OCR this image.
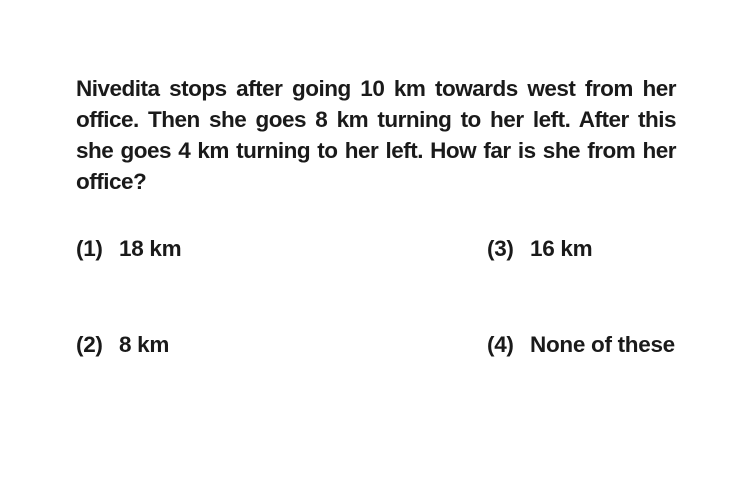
Nivedita stops after going 10 km towards west from her office. Then she goes 8 km turning to her left. After this she goes 4 km turning to her left. How far is she from her office?
(1) 18 km	(3) 16 km
(2) 8 km	(4) None of these
